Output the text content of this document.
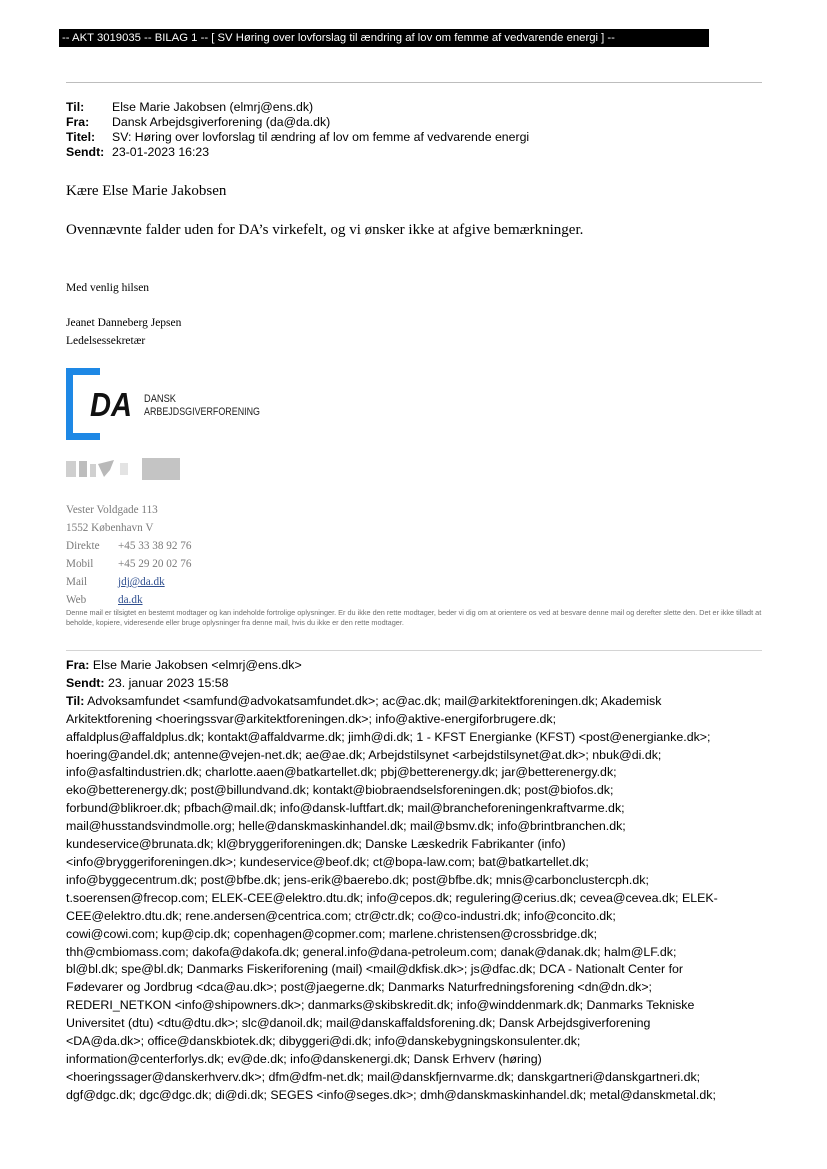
-- AKT 3019035 -- BILAG 1 -- [ SV Høring over lovforslag til ændring af lov om femme af vedvarende energi ] --
Til:	Else Marie Jakobsen (elmrj@ens.dk)
Fra:	Dansk Arbejdsgiverforening (da@da.dk)
Titel:	SV: Høring over lovforslag til ændring af lov om femme af vedvarende energi
Sendt: 23-01-2023 16:23
Kære Else Marie Jakobsen
Ovennævnte falder uden for DA’s virkefelt, og vi ønsker ikke at afgive bemærkninger.
Med venlig hilsen
Jeanet Danneberg Jepsen
Ledelsessekretær
DA DANSK
ARBEJDSGIVERFORENING
Vester Voldgade 113
1552 København V
Direkte	+45 33 38 92 76
Mobil	+45 29 20 02 76
Mail	jdj@da.dk
Web	da.dk
Denne mail er tilsigtet en bestemt modtager og kan indeholde fortrolige oplysninger. Er du ikke den rette modtager, beder vi dig om at orientere os ved at besvare denne mail og derefter slette den. Det er ikke tilladt at beholde, kopiere, videresende eller bruge oplysninger fra denne mail, hvis du ikke er den rette modtager.
Fra: Else Marie Jakobsen <elmrj@ens.dk>
Sendt: 23. januar 2023 15:58
Til: Advoksamfundet <samfund@advokatsamfundet.dk>; ac@ac.dk; mail@arkitektforeningen.dk; Akademisk
Arkitektforening <hoeringssvar@arkitektforeningen.dk>; info@aktive-energiforbrugere.dk;
affaldplus@affaldplus.dk; kontakt@affaldvarme.dk; jimh@di.dk; 1 - KFST Energianke (KFST) <post@energianke.dk>;
hoering@andel.dk; antenne@vejen-net.dk; ae@ae.dk; Arbejdstilsynet <arbejdstilsynet@at.dk>; nbuk@di.dk;
info@asfaltindustrien.dk; charlotte.aaen@batkartellet.dk; pbj@betterenergy.dk; jar@betterenergy.dk;
eko@betterenergy.dk; post@billundvand.dk; kontakt@biobraendselsforeningen.dk; post@biofos.dk;
forbund@blikroer.dk; pfbach@mail.dk; info@dansk-luftfart.dk; mail@brancheforeningenkraftvarme.dk;
mail@husstandsvindmolle.org; helle@danskmaskinhandel.dk; mail@bsmv.dk; info@brintbranchen.dk;
kundeservice@brunata.dk; kl@bryggeriforeningen.dk; Danske Læskedrik Fabrikanter (info)
<info@bryggeriforeningen.dk>; kundeservice@beof.dk; ct@bopa-law.com; bat@batkartellet.dk;
info@byggecentrum.dk; post@bfbe.dk; jens-erik@baerebo.dk; post@bfbe.dk; mnis@carbonclustercph.dk;
t.soerensen@frecop.com; ELEK-CEE@elektro.dtu.dk; info@cepos.dk; regulering@cerius.dk; cevea@cevea.dk; ELEK-
CEE@elektro.dtu.dk; rene.andersen@centrica.com; ctr@ctr.dk; co@co-industri.dk; info@concito.dk;
cowi@cowi.com; kup@cip.dk; copenhagen@copmer.com; marlene.christensen@crossbridge.dk;
thh@cmbiomass.com; dakofa@dakofa.dk; general.info@dana-petroleum.com; danak@danak.dk; halm@LF.dk;
bl@bl.dk; spe@bl.dk; Danmarks Fiskeriforening (mail) <mail@dkfisk.dk>; js@dfac.dk; DCA - Nationalt Center for
Fødevarer og Jordbrug <dca@au.dk>; post@jaegerne.dk; Danmarks Naturfredningsforening <dn@dn.dk>;
REDERI_NETKON <info@shipowners.dk>; danmarks@skibskredit.dk; info@winddenmark.dk; Danmarks Tekniske
Universitet (dtu) <dtu@dtu.dk>; slc@danoil.dk; mail@danskaffaldsforening.dk; Dansk Arbejdsgiverforening
<DA@da.dk>; office@danskbiotek.dk; dibyggeri@di.dk; info@danskebygningskonsulenter.dk;
information@centerforlys.dk; ev@de.dk; info@danskenergi.dk; Dansk Erhverv (høring)
<hoeringssager@danskerhverv.dk>; dfm@dfm-net.dk; mail@danskfjernvarme.dk; danskgartneri@danskgartneri.dk;
dgf@dgc.dk; dgc@dgc.dk; di@di.dk; SEGES <info@seges.dk>; dmh@danskmaskinhandel.dk; metal@danskmetal.dk;
